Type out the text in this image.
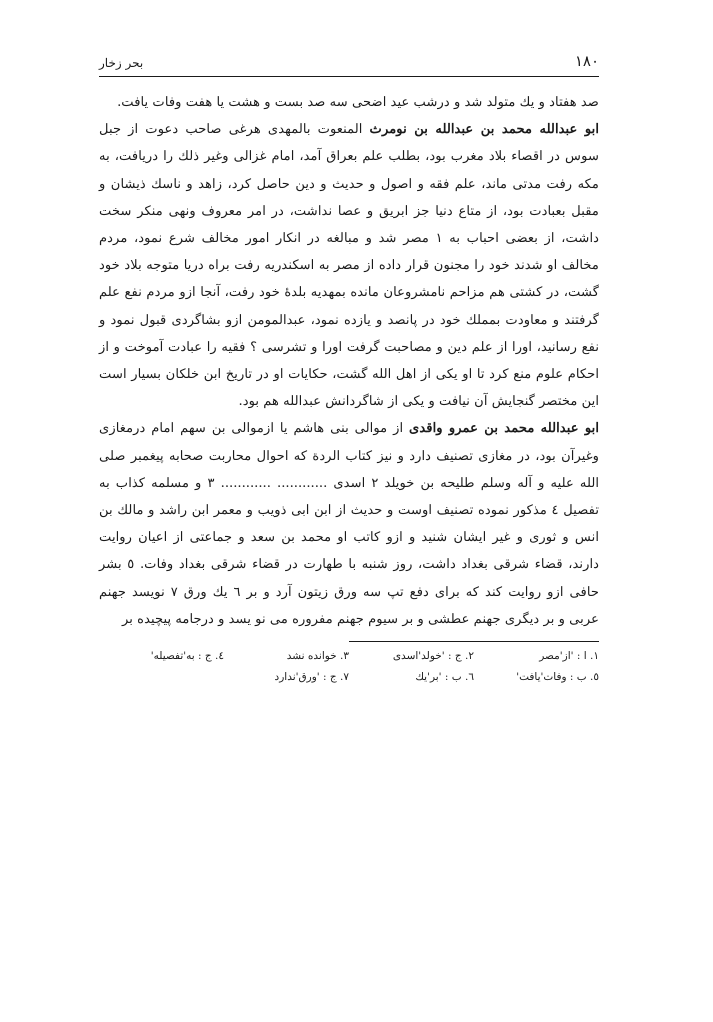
۱۸۰
بحر زخار

صد هفتاد و یك متولد شد و درشب عید اضحی سه صد بست و هشت یا هفت وفات یافت.

ابو عبدالله محمد بن عبدالله بن نومرث المنعوت بالمهدی هرغی صاحب دعوت از جبل سوس در اقصاء بلاد مغرب بود، بطلب علم بعراق آمد، امام غزالی وغیر ذلك را دریافت، به مکه رفت مدتی ماند، علم فقه و اصول و حدیث و دین حاصل کرد، زاهد و ناسك ذیشان و مقبل بعبادت بود، از متاع دنیا جز ابریق و عصا نداشت، در امر معروف ونهی منکر سخت داشت، از بعضی احباب به ۱ مصر شد و مبالغه در انکار امور مخالف شرع نمود، مردم مخالف او شدند خود را مجنون قرار داده از مصر به اسکندریه رفت براه دریا متوجه بلاد خود گشت، در کشتی هم مزاحم نامشروعان مانده بمهدیه بلدهٔ خود رفت، آنجا ازو مردم نفع علم گرفتند و معاودت بمملك خود در پانصد و یازده نمود، عبدالمومن ازو بشاگردی قبول نمود و نفع رسانید، اورا از علم دین و مصاحبت گرفت اورا و تشرسی ؟ فقیه را عبادت آموخت و از احکام علوم منع کرد تا او یکی از اهل الله گشت، حکایات او در تاریخ ابن خلکان بسیار است این مختصر گنجایش آن نیافت و یکی از شاگردانش عبدالله هم بود.

ابو عبدالله محمد بن عمرو واقدی از موالی بنی هاشم یا ازموالی بن سهم امام درمغازی وغیرآن بود، در مغازی تصنیف دارد و نیز کتاب الردة که احوال محاربت صحابه پیغمبر صلی الله علیه و آله وسلم طلیحه بن خویلد ۲ اسدی ............ ............ ۳ و مسلمه کذاب به تفصیل ٤ مذکور نموده تصنیف اوست و حدیث از ابن ابی ذویب و معمر ابن راشد و مالك بن انس و ثوری و غیر ایشان شنید و ازو کاتب او محمد بن سعد و جماعتی از اعیان روایت دارند، قضاء شرقی بغداد داشت، روز شنبه با طهارت در قضاء شرقی بغداد وفات. ٥ بشر حافی ازو روایت کند که برای دفع تپ سه ورق زیتون آرد و بر ٦ یك ورق ۷ نویسد جهنم عربی و بر دیگری جهنم عطشی و بر سیوم جهنم مفروره می نو یسد و درجامه پیچیده بر

۱. ا : 'از'مصر
۲. ج : 'خولد'اسدی
۳. خوانده نشد
٤. ج : به'تفصیله'
٥. ب : وفات'یافت'
٦. ب : 'بر'یك
۷. ج : 'ورق'ندارد
